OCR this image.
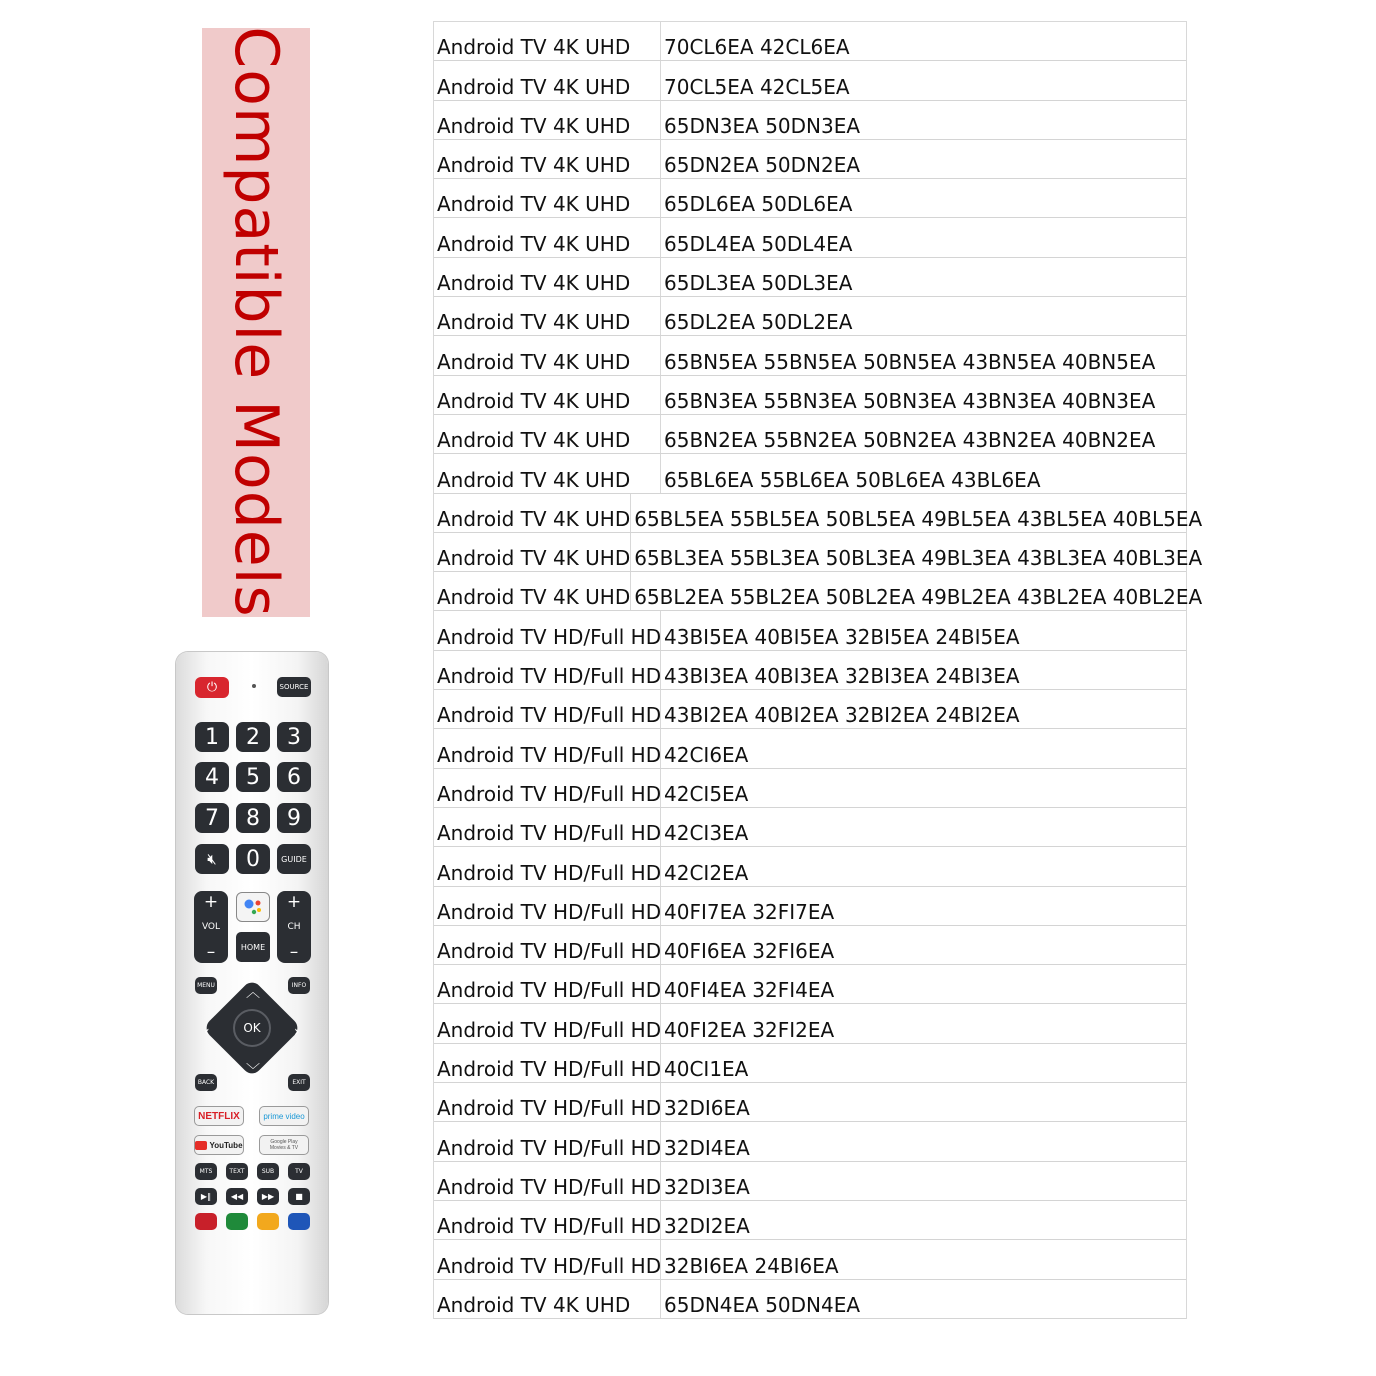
Compatible Models	Android TV 4K UHD	70CL6EA 42CL6EA
Android TV 4K UHD	70CL5EA 42CL5EA
Android TV 4K UHD	65DN3EA 50DN3EA
Android TV 4K UHD	65DN2EA 50DN2EA
Android TV 4K UHD	65DL6EA 50DL6EA
Android TV 4K UHD	65DL4EA 50DL4EA
Android TV 4K UHD	65DL3EA 50DL3EA
Android TV 4K UHD	65DL2EA 50DL2EA
Android TV 4K UHD	65BN5EA 55BN5EA 50BN5EA 43BN5EA 40BN5EA
Android TV 4K UHD	65BN3EA 55BN3EA 50BN3EA 43BN3EA 40BN3EA
Android TV 4K UHD	65BN2EA 55BN2EA 50BN2EA 43BN2EA 40BN2EA
Android TV 4K UHD	65BL6EA 55BL6EA 50BL6EA 43BL6EA
Android TV 4K UHD 65BL5EA 55BL5EA 50BL5EA 49BL5EA 43BL5EA 40BL5EA
Android TV 4K UHD 65BL3EA 55BL3EA 50BL3EA 49BL3EA 43BL3EA 40BL3EA
Android TV 4K UHD 65BL2EA 55BL2EA 50BL2EA 49BL2EA 43BL2EA 40BL2EA
Android TV HD/Full HD 43BI5EA 40BI5EA 32BI5EA 24BI5EA
Android TV HD/Full HD 43BI3EA 40BI3EA 32BI3EA 24BI3EA
Android TV HD/Full HD 43BI2EA 40BI2EA 32BI2EA 24BI2EA
Android TV HD/Full HD 42CI6EA
Android TV HD/Full HD 42CI5EA
Android TV HD/Full HD 42CI3EA
Android TV HD/Full HD 42CI2EA
Android TV HD/Full HD 40FI7EA 32FI7EA
Android TV HD/Full HD 40FI6EA 32FI6EA
Android TV HD/Full HD 40FI4EA 32FI4EA
Android TV HD/Full HD 40FI2EA 32FI2EA
Android TV HD/Full HD 40CI1EA
Android TV HD/Full HD 32DI6EA
Android TV HD/Full HD 32DI4EA
Android TV HD/Full HD 32DI3EA
Android TV HD/Full HD 32DI2EA
Android TV HD/Full HD 32BI6EA 24BI6EA
Android TV 4K UHD	65DN4EA 50DN4EA
⏻	SOURCE
1	2	3
4	5	6
7	8	9
🔇︎	0	GUIDE
+
VOL
–	HOME
+
CH
–
MENU	INFO
︿
﹀
‹	›
OK
BACK	EXIT
NETFLIX	prime video
YouTube	Google Play Movies & TV
MTS	TEXT	SUB	TV
▶︎‖ ◀◀ ▶▶	■
